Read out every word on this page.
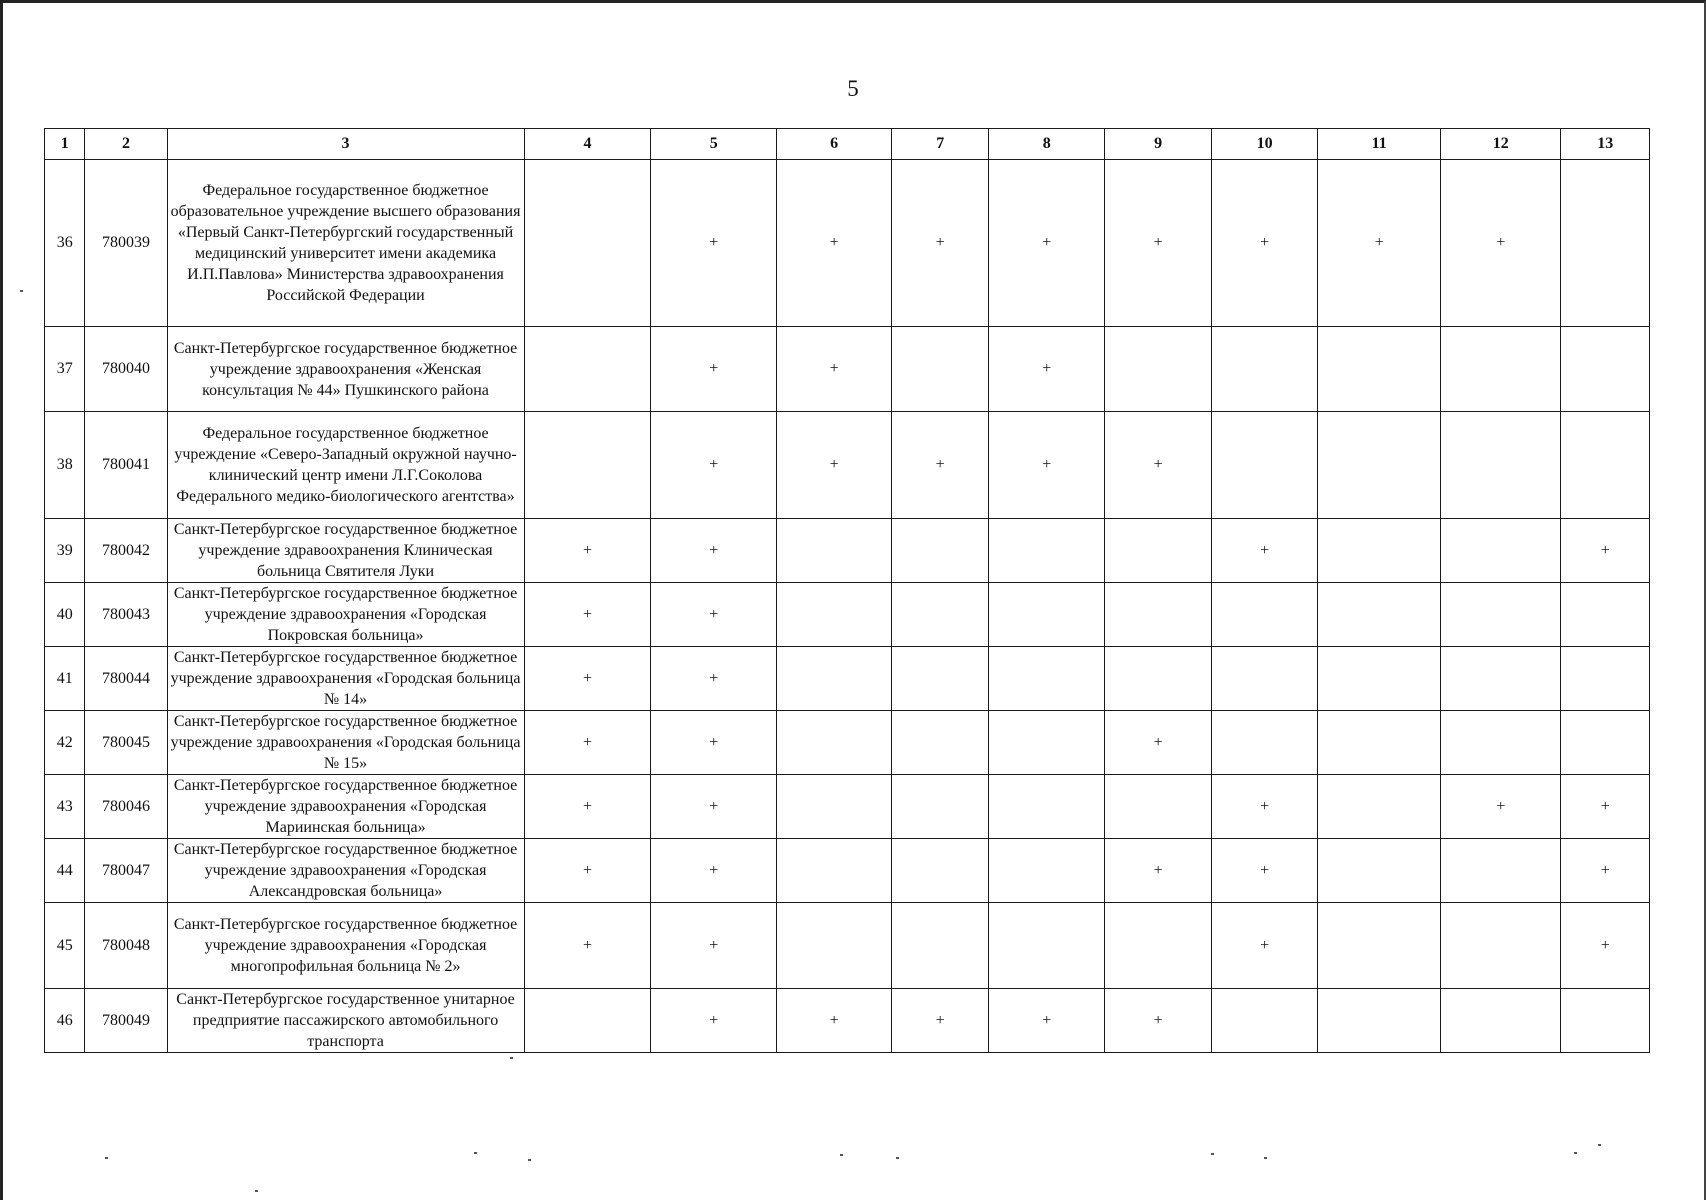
5
1	2	3	4	5	6	7	8	9	10	11	12	13
36	780039	Федеральное государственное бюджетное образовательное учреждение высшего образования «Первый Санкт-Петербургский государственный медицинский университет имени академика И.П.Павлова» Министерства здравоохранения Российской Федерации		+	+	+	+	+	+	+	+	
37	780040	Санкт-Петербургское государственное бюджетное учреждение здравоохранения «Женская консультация № 44» Пушкинского района		+	+		+					
38	780041	Федеральное государственное бюджетное учреждение «Северо-Западный окружной научно-клинический центр имени Л.Г.Соколова Федерального медико-биологического агентства»		+	+	+	+	+				
39	780042	Санкт-Петербургское государственное бюджетное учреждение здравоохранения Клиническая больница Святителя Луки	+	+					+			+
40	780043	Санкт-Петербургское государственное бюджетное учреждение здравоохранения «Городская Покровская больница»	+	+								
41	780044	Санкт-Петербургское государственное бюджетное учреждение здравоохранения «Городская больница № 14»	+	+								
42	780045	Санкт-Петербургское государственное бюджетное учреждение здравоохранения «Городская больница № 15»	+	+				+				
43	780046	Санкт-Петербургское государственное бюджетное учреждение здравоохранения «Городская Мариинская больница»	+	+					+		+	+
44	780047	Санкт-Петербургское государственное бюджетное учреждение здравоохранения «Городская Александровская больница»	+	+				+	+			+
45	780048	Санкт-Петербургское государственное бюджетное учреждение здравоохранения «Городская многопрофильная больница № 2»	+	+					+			+
46	780049	Санкт-Петербургское государственное унитарное предприятие пассажирского автомобильного транспорта		+	+	+	+	+				
